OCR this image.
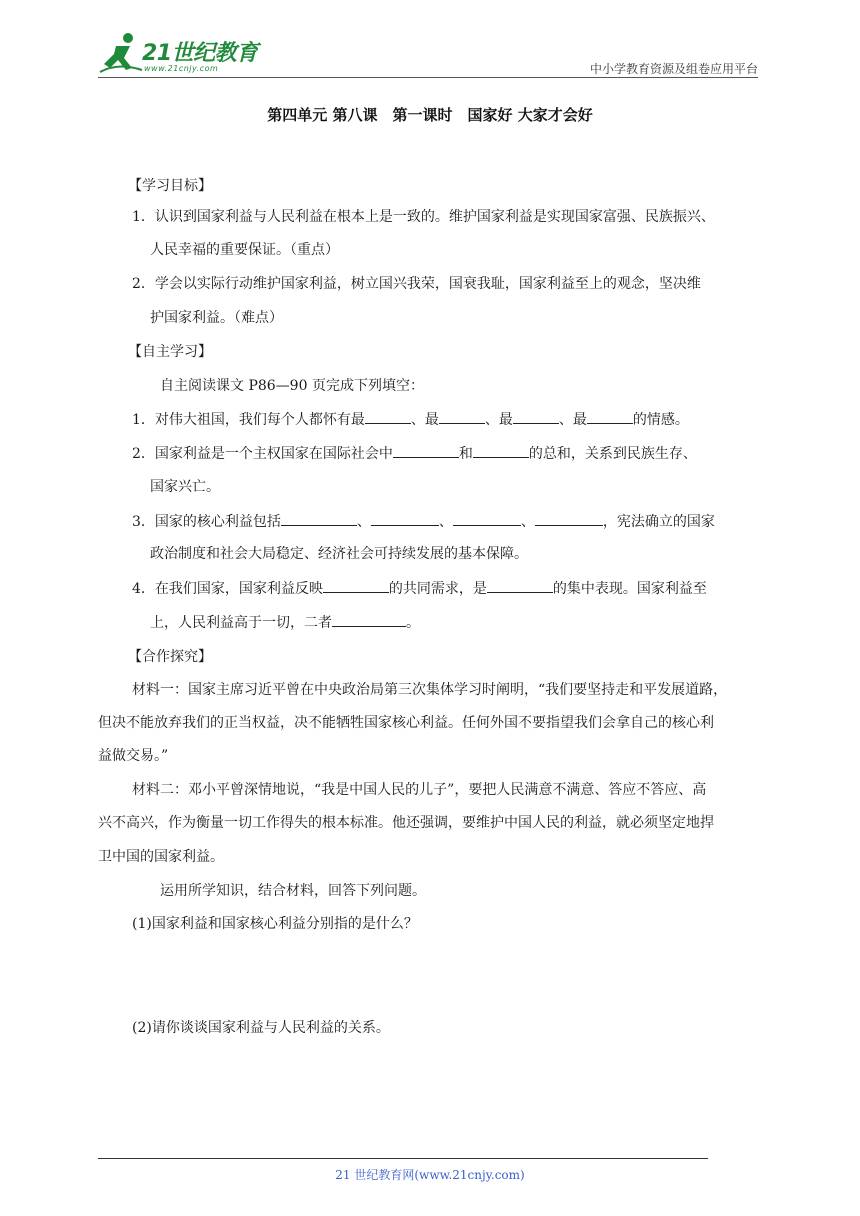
21世纪教育
www.21cnjy.com	中小学教育资源及组卷应用平台
第四单元 第八课　第一课时　国家好 大家才会好
【学习目标】
1．认识到国家利益与人民利益在根本上是一致的。维护国家利益是实现国家富强、民族振兴、
人民幸福的重要保证。（重点）
2．学会以实际行动维护国家利益，树立国兴我荣，国衰我耻，国家利益至上的观念，坚决维
护国家利益。（难点）
【自主学习】
自主阅读课文 P86—90 页完成下列填空：
1．对伟大祖国，我们每个人都怀有最	、最	、最	、最	的情感。
2．国家利益是一个主权国家在国际社会中	和	的总和，关系到民族生存、
国家兴亡。
3．国家的核心利益包括	、	、	、	，宪法确立的国家
政治制度和社会大局稳定、经济社会可持续发展的基本保障。
4．在我们国家，国家利益反映	的共同需求，是	的集中表现。国家利益至
上，人民利益高于一切，二者	。
【合作探究】
材料一：国家主席习近平曾在中央政治局第三次集体学习时阐明，“我们要坚持走和平发展道路，
但决不能放弃我们的正当权益，决不能牺牲国家核心利益。任何外国不要指望我们会拿自己的核心利
益做交易。”
材料二：邓小平曾深情地说，“我是中国人民的儿子”，要把人民满意不满意、答应不答应、高
兴不高兴，作为衡量一切工作得失的根本标准。他还强调，要维护中国人民的利益，就必须坚定地捍
卫中国的国家利益。
运用所学知识，结合材料，回答下列问题。
(1)国家利益和国家核心利益分别指的是什么？
(2)请你谈谈国家利益与人民利益的关系。
21 世纪教育网(www.21cnjy.com)
